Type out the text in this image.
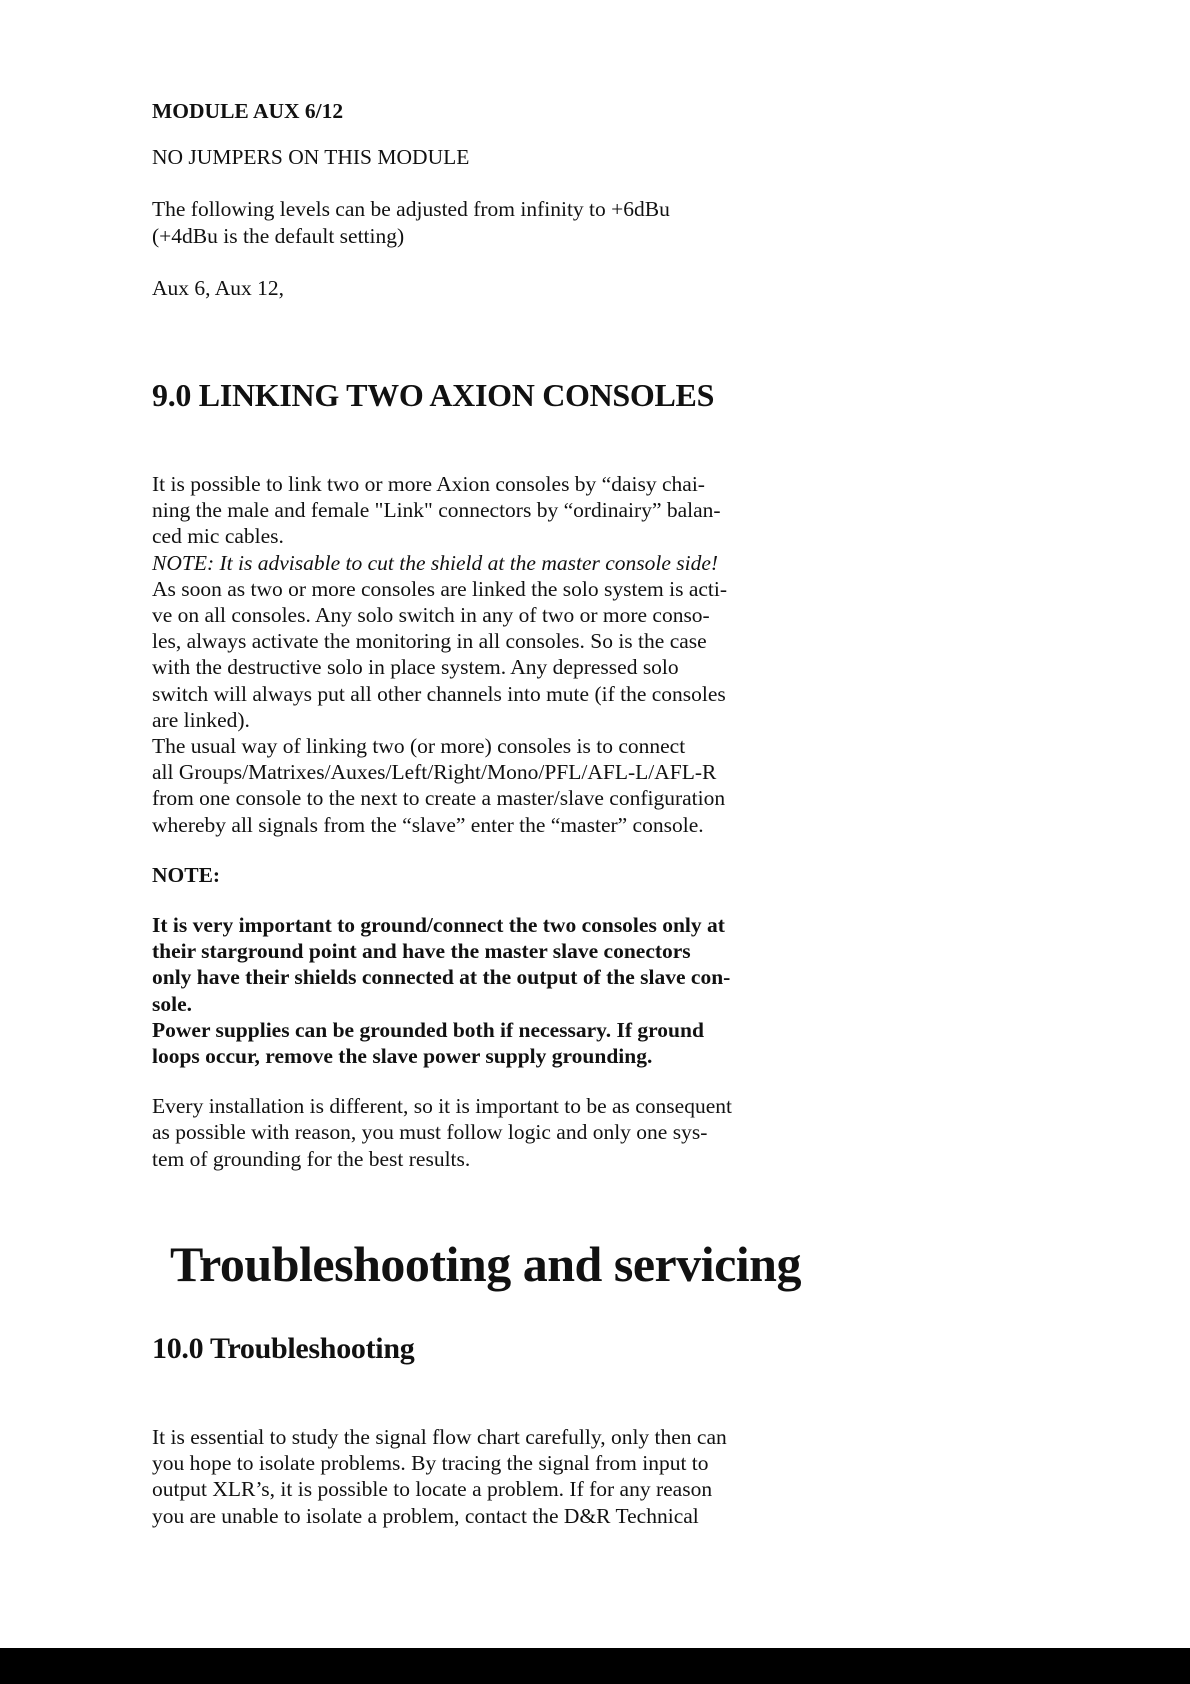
MODULE AUX 6/12

NO JUMPERS ON THIS MODULE

The following levels can be adjusted from infinity to +6dBu
(+4dBu is the default setting)

Aux 6, Aux 12,

9.0 LINKING TWO AXION CONSOLES

It is possible to link two or more Axion consoles by “daisy chai-
ning the male and female "Link" connectors by “ordinairy” balan-
ced mic cables.
NOTE: It is advisable to cut the shield at the master console side!
As soon as two or more consoles are linked the solo system is acti-
ve on all consoles. Any solo switch in any of two or more conso-
les, always activate the monitoring in all consoles. So is the case
with the destructive solo in place system. Any depressed solo
switch will always put all other channels into mute (if the consoles
are linked).
The usual way of linking two (or more) consoles is to connect
all Groups/Matrixes/Auxes/Left/Right/Mono/PFL/AFL-L/AFL-R
from one console to the next to create a master/slave configuration
whereby all signals from the “slave” enter the “master” console.

NOTE:

It is very important to ground/connect the two consoles only at
their starground point and have the master slave conectors
only have their shields connected at the output of the slave con-
sole.
Power supplies can be grounded both if necessary. If ground
loops occur, remove the slave power supply grounding.

Every installation is different, so it is important to be as consequent
as possible with reason, you must follow logic and only one sys-
tem of grounding for the best results.

Troubleshooting and servicing
10.0 Troubleshooting

It is essential to study the signal flow chart carefully, only then can
you hope to isolate problems. By tracing the signal from input to
output XLR’s, it is possible to locate a problem. If for any reason
you are unable to isolate a problem, contact the D&R Technical
